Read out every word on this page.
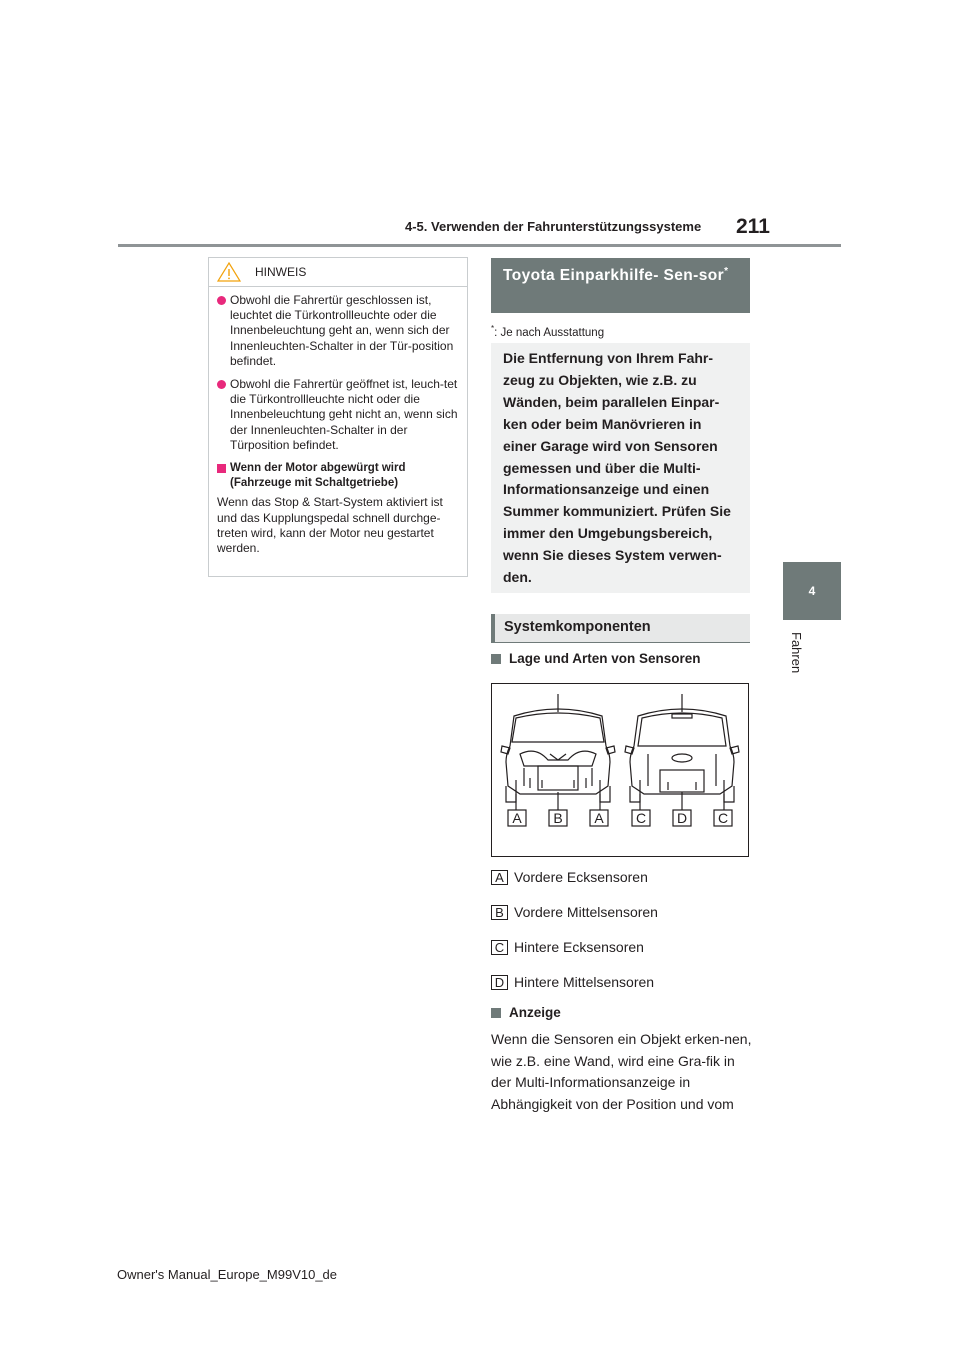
4-5. Verwenden der Fahrunterstützungssysteme 211
4
Fahren
HINWEIS
Obwohl die Fahrertür geschlossen ist, leuchtet die Türkontrollleuchte oder die Innenbeleuchtung geht an, wenn sich der Innenleuchten-Schalter in der Tür-position befindet.
Obwohl die Fahrertür geöffnet ist, leuch-tet die Türkontrollleuchte nicht oder die Innenbeleuchtung geht nicht an, wenn sich der Innenleuchten-Schalter in der Türposition befindet.
Wenn der Motor abgewürgt wird (Fahrzeuge mit Schaltgetriebe)
Wenn das Stop & Start-System aktiviert ist und das Kupplungspedal schnell durchge-treten wird, kann der Motor neu gestartet werden.
Toyota Einparkhilfe- Sen-sor*
*: Je nach Ausstattung
Die Entfernung von Ihrem Fahr-zeug zu Objekten, wie z.B. zu Wänden, beim parallelen Einpar-ken oder beim Manövrieren in einer Garage wird von Sensoren gemessen und über die Multi-Informationsanzeige und einen Summer kommuniziert. Prüfen Sie immer den Umgebungsbereich, wenn Sie dieses System verwen-den.
Systemkomponenten
Lage und Arten von Sensoren
A B A C D C
A Vordere Ecksensoren
B Vordere Mittelsensoren
C Hintere Ecksensoren
D Hintere Mittelsensoren
Anzeige
Wenn die Sensoren ein Objekt erken-nen, wie z.B. eine Wand, wird eine Gra-fik in der Multi-Informationsanzeige in Abhängigkeit von der Position und vom
Owner's Manual_Europe_M99V10_de
